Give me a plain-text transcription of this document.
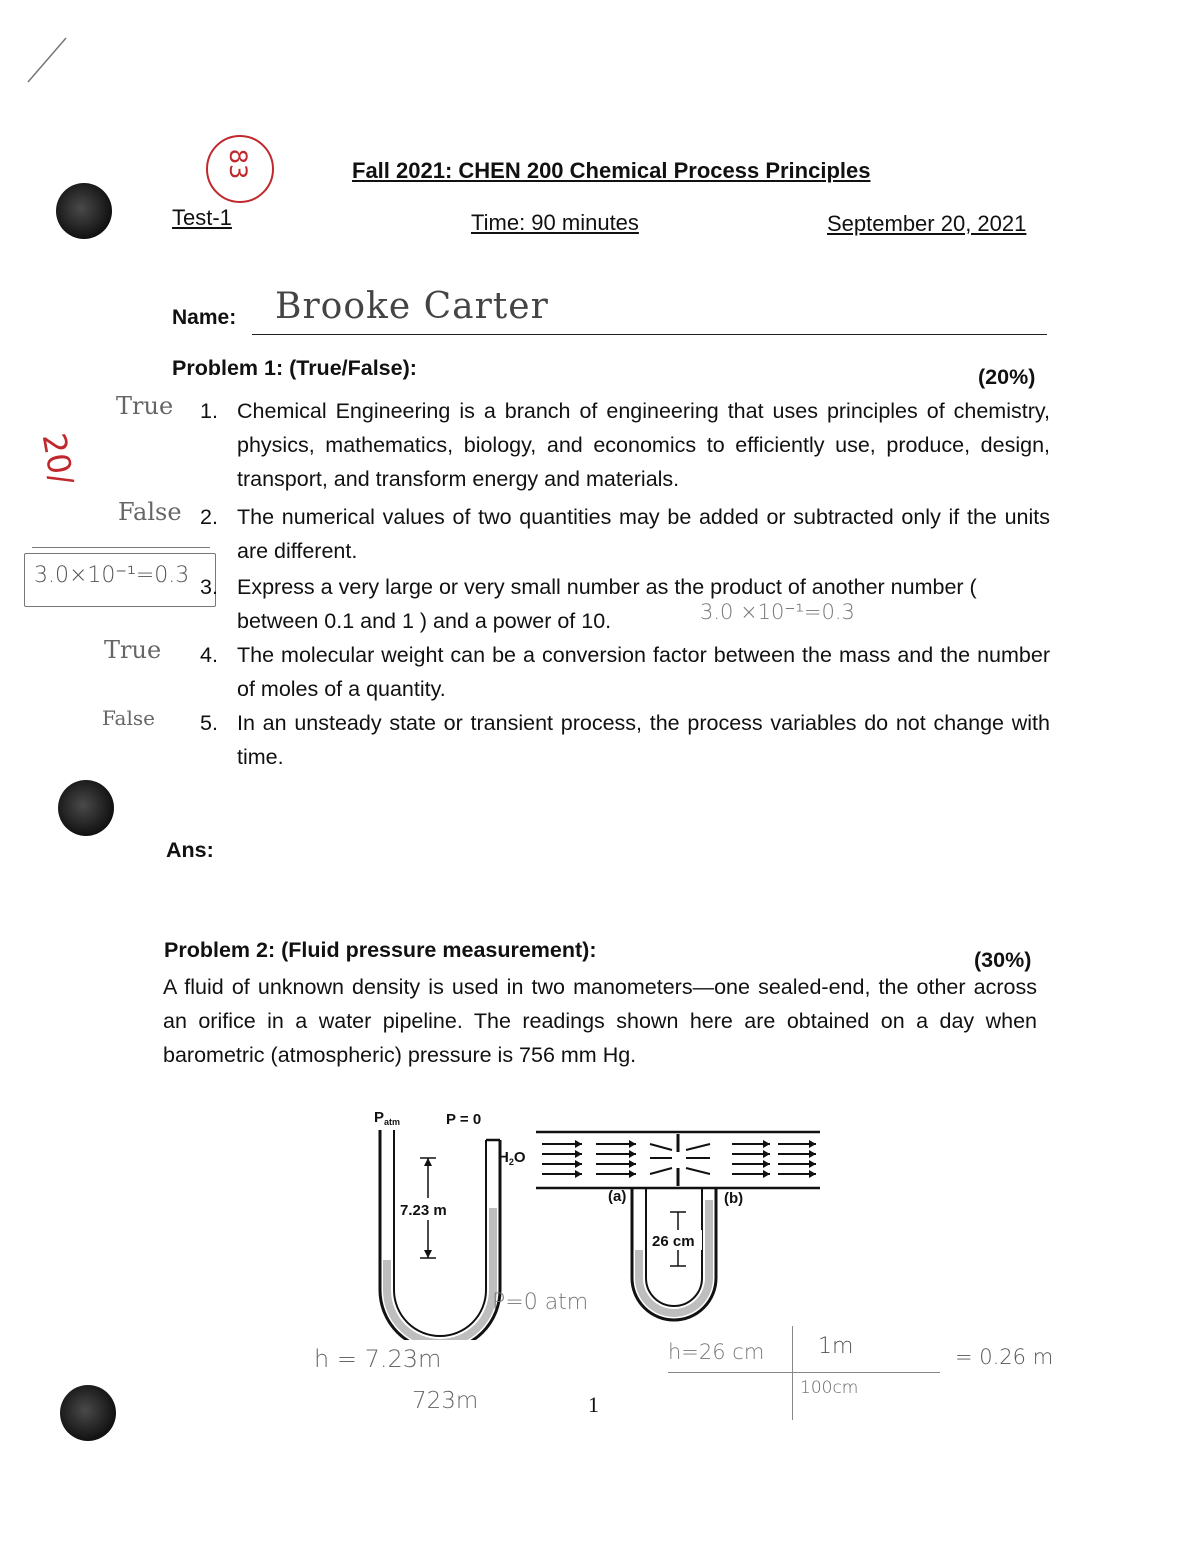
83	Fall 2021: CHEN 200 Chemical Process Principles
Test-1	Time: 90 minutes	September 20, 2021
Name: Brooke Carter
Problem 1: (True/False):	(20%)
20/
True
False
3.0×10⁻¹=0.3
True
False
1. Chemical Engineering is a branch of engineering that uses principles of chemistry, physics, mathematics, biology, and economics to efficiently use, produce, design, transport, and transform energy and materials.
2. The numerical values of two quantities may be added or subtracted only if the units are different.
3. Express a very large or very small number as the product of another number ( between 0.1 and 1 ) and a power of 10.	3.0 ×10⁻¹=0.3
4. The molecular weight can be a conversion factor between the mass and the number of moles of a quantity.
5. In an unsteady state or transient process, the process variables do not change with time.
Ans:
Problem 2: (Fluid pressure measurement):	(30%)
A fluid of unknown density is used in two manometers—one sealed-end, the other across an orifice in a water pipeline. The readings shown here are obtained on a day when barometric (atmospheric) pressure is 756 mm Hg.
$P_{atm}$	P = 0
7.23 m
$H_2O$
(a)	(b)
26 cm
P=0 atm
h = 7.23m
723m
h=26 cm 1m
100cm
= 0.26 m
1
